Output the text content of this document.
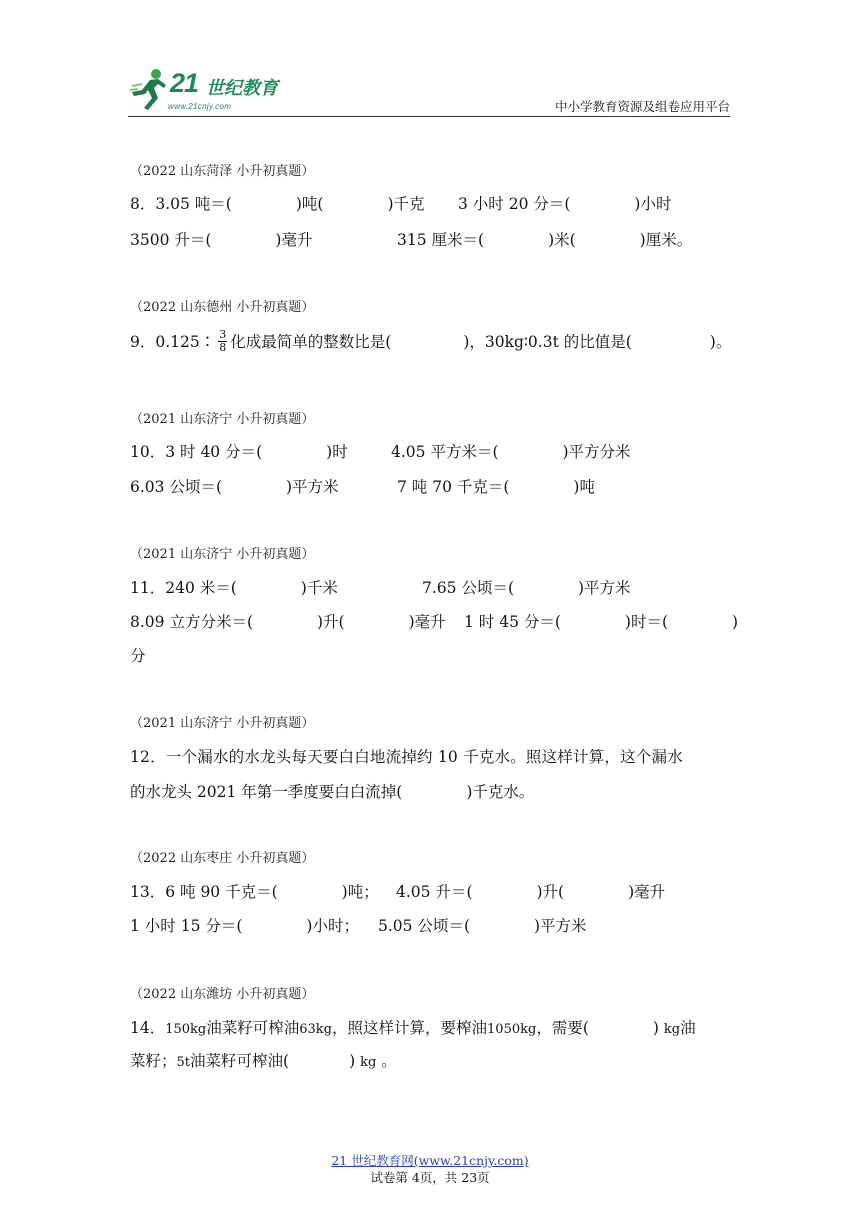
21 世纪教育
www.21cnjy.com	中小学教育资源及组卷应用平台
（2022 山东菏泽 小升初真题）
8．3.05 吨＝(	)吨(	)千克 3 小时 20 分＝(	)小时
3500 升＝(	)毫升	315 厘米＝(	)米(	)厘米。
（2022 山东德州 小升初真题）
9．0.125∶ $\frac{3}{8}$ 化成最简单的整数比是(	)，30kg∶0.3t 的比值是(	)。
（2021 山东济宁 小升初真题）
10．3 时 40 分＝(	)时	4.05 平方米＝(	)平方分米
6.03 公顷＝(	)平方米	7 吨 70 千克＝(	)吨
（2021 山东济宁 小升初真题）
11．240 米＝(	)千米	7.65 公顷＝(	)平方米
8.09 立方分米＝(	)升(	)毫升 1 时 45 分＝(	)时＝(	)
分
（2021 山东济宁 小升初真题）
12．一个漏水的水龙头每天要白白地流掉约 10 千克水。照这样计算，这个漏水
的水龙头 2021 年第一季度要白白流掉(	)千克水。
（2022 山东枣庄 小升初真题）
13．6 吨 90 千克＝(	)吨； 4.05 升＝(	)升(	)毫升
1 小时 15 分＝(	)小时； 5.05 公顷＝(	)平方米
（2022 山东潍坊 小升初真题）
14．150kg油菜籽可榨油63kg，照这样计算，要榨油1050kg，需要(	) kg油
菜籽；5t油菜籽可榨油(	) kg 。
21 世纪教育网(www.21cnjy.com)
试卷第 4页，共 23页
